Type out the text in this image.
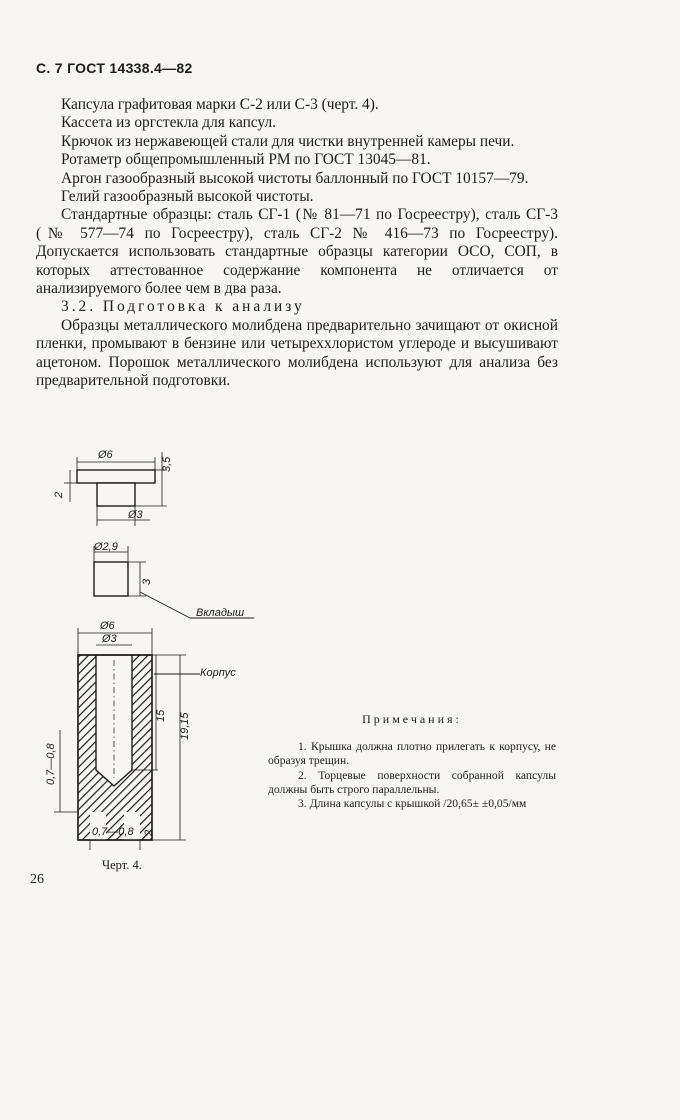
С. 7 ГОСТ 14338.4—82

Капсула графитовая марки С-2 или С-3 (черт. 4).

Кассета из оргстекла для капсул.

Крючок из нержавеющей стали для чистки внутренней камеры печи.

Ротаметр общепромышленный РМ по ГОСТ 13045—81.

Аргон газообразный высокой чистоты баллонный по ГОСТ 10157—79.

Гелий газообразный высокой чистоты.

Стандартные образцы: сталь СГ-1 (№ 81—71 по Госреестру), сталь СГ-3 (№ 577—74 по Госреестру), сталь СГ-2 № 416—73 по Госреестру). Допускается использовать стандартные образцы категории ОСО, СОП, в которых аттестованное содержание компонента не отличается от анализируемого более чем в два раза.

3.2. Подготовка к анализу

Образцы металлического молибдена предварительно зачищают от окисной пленки, промывают в бензине или четыреххлористом углероде и высушивают ацетоном. Порошок металлического молибдена используют для анализа без предварительной подготовки.

Ø6
3,5
2
Ø3
Ø2,9
3
Вкладыш
Ø6
Ø3
Корпус
15 19,15
0,7—0,8
0,7—0,8 2
Примечания:

1. Крышка должна плотно прилегать к корпусу, не образуя трещин.

2. Торцевые поверхности собранной капсулы должны быть строго параллельны.

3. Длина капсулы с крышкой /20,65± ±0,05/мм

Черт. 4.
26
